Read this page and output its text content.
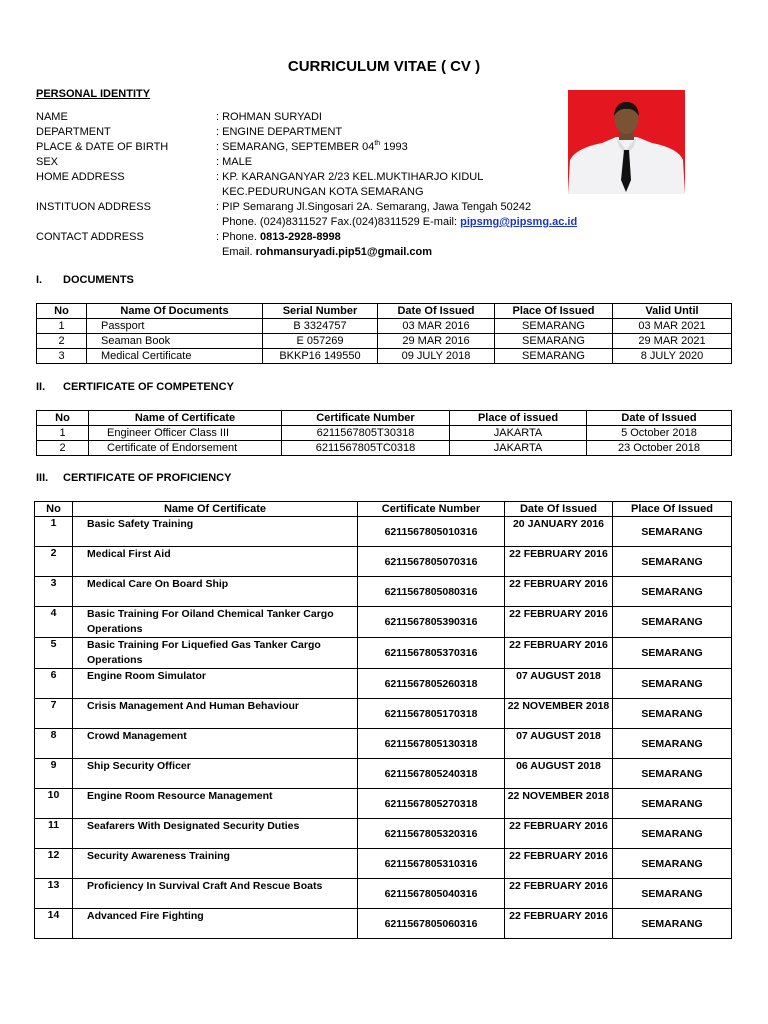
CURRICULUM VITAE ( CV )
PERSONAL IDENTITY
NAME	: ROHMAN SURYADI
DEPARTMENT	: ENGINE DEPARTMENT
PLACE & DATE OF BIRTH	: SEMARANG, SEPTEMBER 04th 1993
SEX	: MALE
HOME ADDRESS	: KP. KARANGANYAR 2/23 KEL.MUKTIHARJO KIDUL
KEC.PEDURUNGAN KOTA SEMARANG
INSTITUON ADDRESS	: PIP Semarang Jl.Singosari 2A. Semarang, Jawa Tengah 50242
Phone. (024)8311527 Fax.(024)8311529 E-mail: pipsmg@pipsmg.ac.id
CONTACT ADDRESS	: Phone. 0813-2928-8998
Email. rohmansuryadi.pip51@gmail.com
I. DOCUMENTS
No	Name Of Documents	Serial Number	Date Of Issued	Place Of Issued	Valid Until
1	Passport	B 3324757	03 MAR 2016	SEMARANG	03 MAR 2021
2	Seaman Book	E 057269	29 MAR 2016	SEMARANG	29 MAR 2021
3	Medical Certificate	BKKP16 149550	09 JULY 2018	SEMARANG	8 JULY 2020
II. CERTIFICATE OF COMPETENCY
No	Name of Certificate	Certificate Number	Place of issued	Date of Issued
1	Engineer Officer Class III	6211567805T30318	JAKARTA	5 October 2018
2	Certificate of Endorsement	6211567805TC0318	JAKARTA	23 October 2018
III. CERTIFICATE OF PROFICIENCY
No	Name Of Certificate	Certificate Number	Date Of Issued	Place Of Issued
1	Basic Safety Training	6211567805010316	20 JANUARY 2016	SEMARANG
2	Medical First Aid	6211567805070316	22 FEBRUARY 2016	SEMARANG
3	Medical Care On Board Ship	6211567805080316	22 FEBRUARY 2016	SEMARANG
4	Basic Training For Oiland Chemical Tanker Cargo Operations	6211567805390316	22 FEBRUARY 2016	SEMARANG
5	Basic Training For Liquefied Gas Tanker Cargo Operations	6211567805370316	22 FEBRUARY 2016	SEMARANG
6	Engine Room Simulator	6211567805260318	07 AUGUST 2018	SEMARANG
7	Crisis Management And Human Behaviour	6211567805170318	22 NOVEMBER 2018	SEMARANG
8	Crowd Management	6211567805130318	07 AUGUST 2018	SEMARANG
9	Ship Security Officer	6211567805240318	06 AUGUST 2018	SEMARANG
10	Engine Room Resource Management	6211567805270318	22 NOVEMBER 2018	SEMARANG
11	Seafarers With Designated Security Duties	6211567805320316	22 FEBRUARY 2016	SEMARANG
12	Security Awareness Training	6211567805310316	22 FEBRUARY 2016	SEMARANG
13	Proficiency In Survival Craft And Rescue Boats	6211567805040316	22 FEBRUARY 2016	SEMARANG
14	Advanced Fire Fighting	6211567805060316	22 FEBRUARY 2016	SEMARANG
